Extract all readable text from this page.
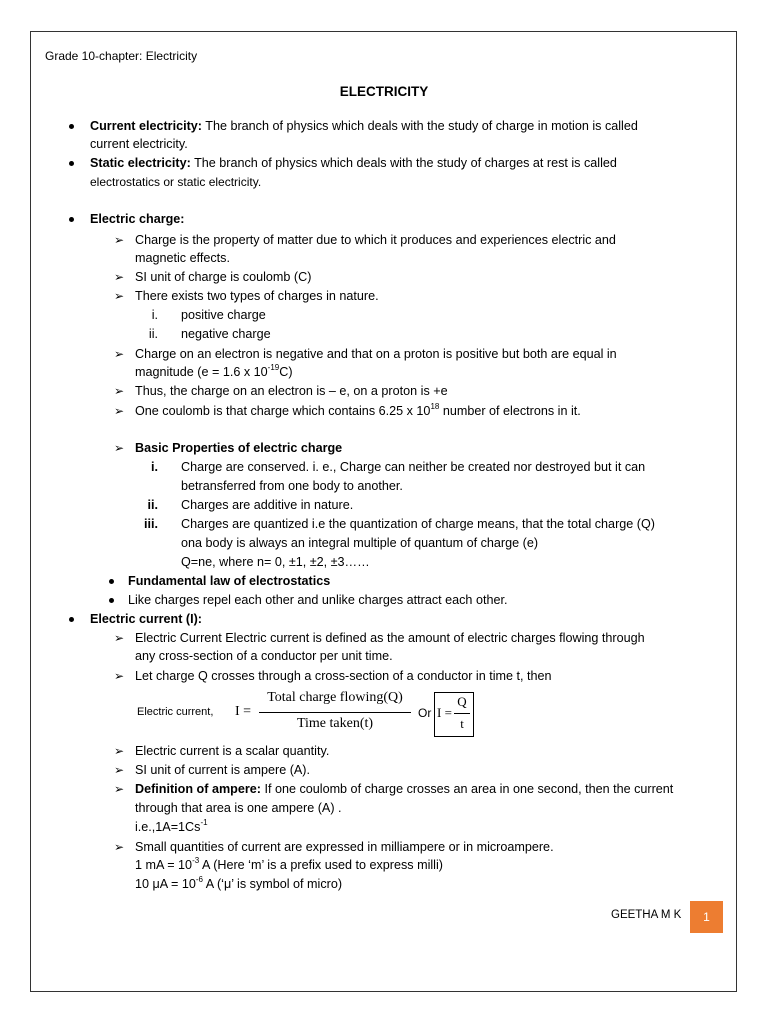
Grade 10-chapter: Electricity
ELECTRICITY
Current electricity: The branch of physics which deals with the study of charge in motion is called
current electricity.
Static electricity: The branch of physics which deals with the study of charges at rest is called
electrostatics or static electricity.
Electric charge:
➢ Charge is the property of matter due to which it produces and experiences electric and
magnetic effects.
➢ SI unit of charge is coulomb (C)
➢ There exists two types of charges in nature.
i. positive charge
ii. negative charge
➢ Charge on an electron is negative and that on a proton is positive but both are equal in
magnitude (e = 1.6 x $10^{-19}C$)
➢ Thus, the charge on an electron is – e, on a proton is +e
➢ One coulomb is that charge which contains 6.25 x $10^{18}$ number of electrons in it.
➢ Basic Properties of electric charge
i. Charge are conserved. i. e., Charge can neither be created nor destroyed but it can
betransferred from one body to another.
ii. Charges are additive in nature.
iii. Charges are quantized i.e the quantization of charge means, that the total charge (Q)
ona body is always an integral multiple of quantum of charge (e)
Q=ne, where n= 0, ±1, ±2, ±3……
Fundamental law of electrostatics
Like charges repel each other and unlike charges attract each other.
Electric current (I):
➢ Electric Current Electric current is defined as the amount of electric charges flowing through
any cross-section of a conductor per unit time.
➢ Let charge Q crosses through a cross-section of a conductor in time t, then
Electric current, I =
Total charge flowing(Q)
Time taken(t)
Or I =
Q
t
➢ Electric current is a scalar quantity.
➢ SI unit of current is ampere (A).
➢ Definition of ampere: If one coulomb of charge crosses an area in one second, then the current
through that area is one ampere (A) .
$i.e.,1A=1Cs^{-1}$
➢ Small quantities of current are expressed in milliampere or in microampere.
1 mA = $10^{-3}$ A (Here ‘m’ is a prefix used to express milli)
10 $\mu A = 10^{-6}$ A (‘μ’ is symbol of micro)
GEETHA M K	1
